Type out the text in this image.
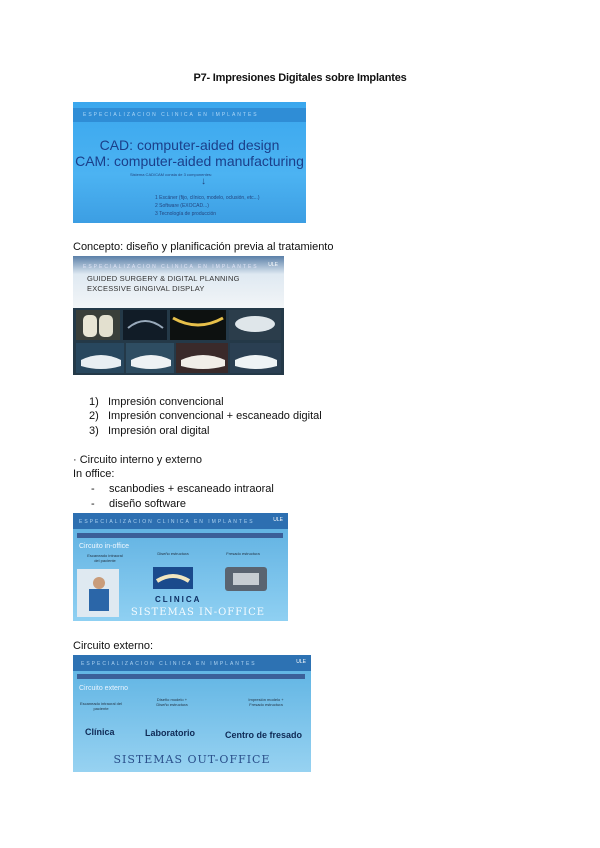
P7- Impresiones Digitales sobre Implantes
ESPECIALIZACION CLINICA EN IMPLANTES
CAD: computer-aided design
CAM: computer-aided manufacturing
Sistema CAD/CAM consta de 3 componentes:
↓
1 Escáner (fijo, clínico, modelo, oclusión, etc...)
2 Software (EXOCAD...)
3 Tecnología de producción
Concepto: diseño y planificación previa al tratamiento
ESPECIALIZACION CLINICA EN IMPLANTES ULE
GUIDED SURGERY & DIGITAL PLANNING
EXCESSIVE GINGIVAL DISPLAY
1) Impresión convencional
2) Impresión convencional + escaneado digital
3) Impresión oral digital
· Circuito interno y externo
In office:
- scanbodies + escaneado intraoral
- diseño software
ESPECIALIZACION CLINICA EN IMPLANTES	ULE
Circuito in-office
Escaneado intraoral del paciente
Diseño estructura	Fresado estructura
CLINICA
SISTEMAS IN-OFFICE
Circuito externo:
ESPECIALIZACION CLINICA EN IMPLANTES	ULE
Circuito externo
Escaneado intraoral del paciente
Diseño modelo + Diseño estructura
Impresión modelo + Fresado estructura
Clínica	Laboratorio	Centro de fresado
SISTEMAS OUT-OFFICE
